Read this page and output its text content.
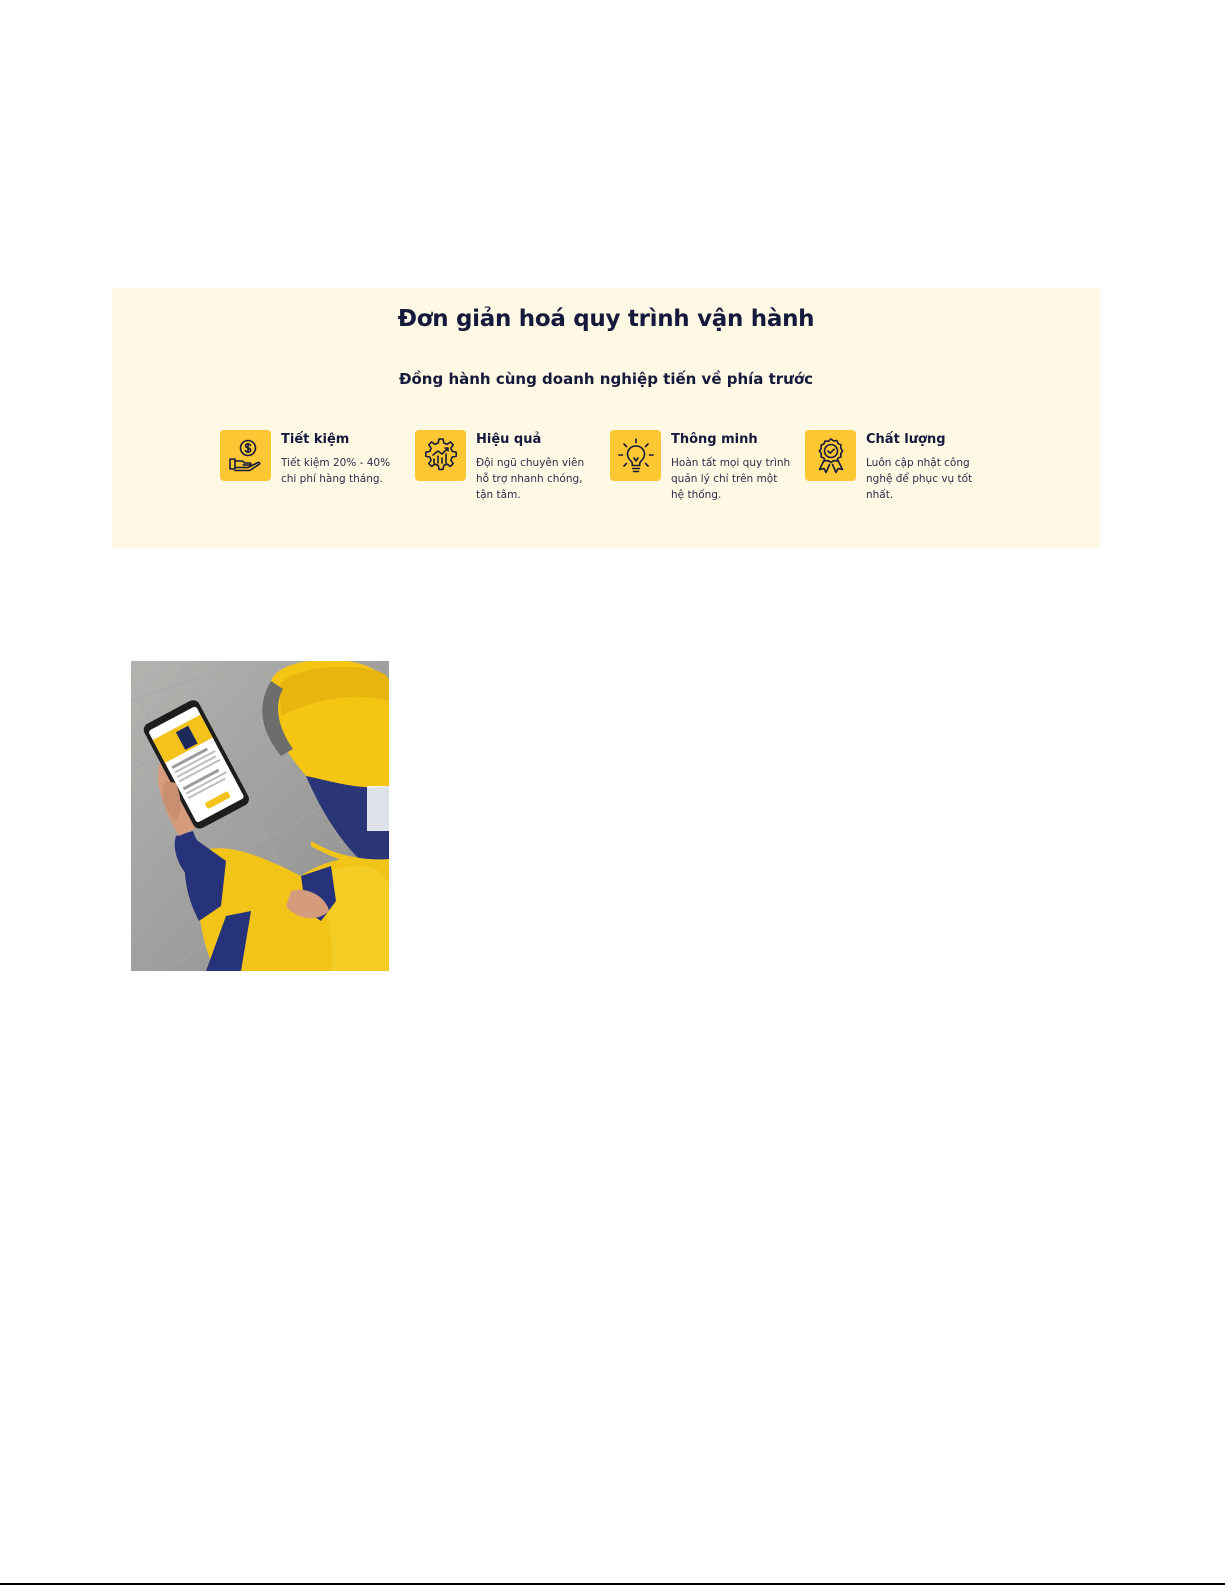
Đơn giản hoá quy trình vận hành
Đồng hành cùng doanh nghiệp tiến về phía trước
Tiết kiệm
Tiết kiệm 20% - 40% chi phí hàng tháng.
Hiệu quả
Đội ngũ chuyên viên hỗ trợ nhanh chóng, tận tâm.
Thông minh
Hoàn tất mọi quy trình quản lý chỉ trên một hệ thống.
Chất lượng
Luôn cập nhật công nghệ để phục vụ tốt nhất.
